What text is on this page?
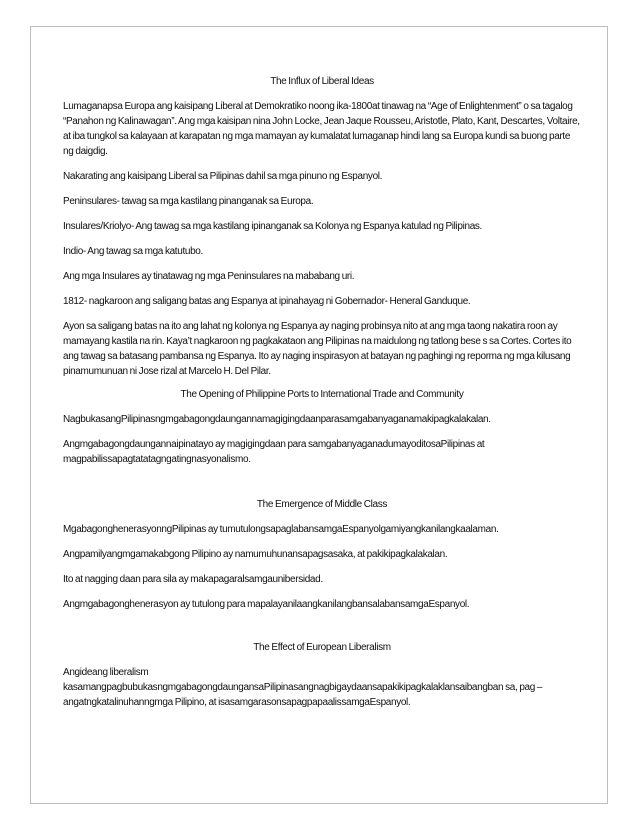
The Influx of Liberal Ideas

Lumaganapsa Europa ang kaisipang Liberal at Demokratiko noong ika-1800at tinawag na “Age of Enlightenment” o sa tagalog “Panahon ng Kalinawagan”. Ang mga kaisipan nina John Locke, Jean Jaque Rousseu, Aristotle, Plato, Kant, Descartes, Voltaire, at iba tungkol sa kalayaan at karapatan ng mga mamayan ay kumalatat lumaganap hindi lang sa Europa kundi sa buong parte ng daigdig.

Nakarating ang kaisipang Liberal sa Pilipinas dahil sa mga pinuno ng Espanyol.

Peninsulares- tawag sa mga kastilang pinanganak sa Europa.

Insulares/Kriolyo- Ang tawag sa mga kastilang ipinanganak sa Kolonya ng Espanya katulad ng Pilipinas.

Indio- Ang tawag sa mga katutubo.

Ang mga Insulares ay tinatawag ng mga Peninsulares na mababang uri.

1812- nagkaroon ang saligang batas ang Espanya at ipinahayag ni Gobernador- Heneral Ganduque.

Ayon sa saligang batas na ito ang lahat ng kolonya ng Espanya ay naging probinsya nito at ang mga taong nakatira roon ay mamayang kastila na rin. Kaya’t nagkaroon ng pagkakataon ang Pilipinas na maidulong ng tatlong bese s sa Cortes. Cortes ito ang tawag sa batasang pambansa ng Espanya. Ito ay naging inspirasyon at batayan ng paghingi ng reporma ng mga kilusang pinamumunuan ni Jose rizal at Marcelo H. Del Pilar.

The Opening of Philippine Ports to International Trade and Community

NagbukasangPilipinasngmgabagongdaungannamagigingdaanparasamgabanyaganamakipagkalakalan.

Angmgabagongdaungannaipinatayo ay magigingdaan para samgabanyaganadumayoditosaPilipinas at magpabilissapagtatatagngatingnasyonalismo.

The Emergence of Middle Class

MgabagonghenerasyonngPilipinas ay tumutulongsapaglabansamgaEspanyolgamiyangkanilangkaalaman.

Angpamilyangmgamakabgong Pilipino ay namumuhunansapagsasaka, at pakikipagkalakalan.

Ito at nagging daan para sila ay makapagaralsamgaunibersidad.

Angmgabagonghenerasyon ay tutulong para mapalayanilaangkanilangbansalabansamgaEspanyol.

The Effect of European Liberalism

Angideang liberalism kasamangpagbubukasngmgabagongdaungansaPilipinasangnagbigaydaansapakikipagkalaklansaibangban sa, pag – angatngkatalinuhanngmga Pilipino, at isasamgarasonsapagpapaalissamgaEspanyol.
